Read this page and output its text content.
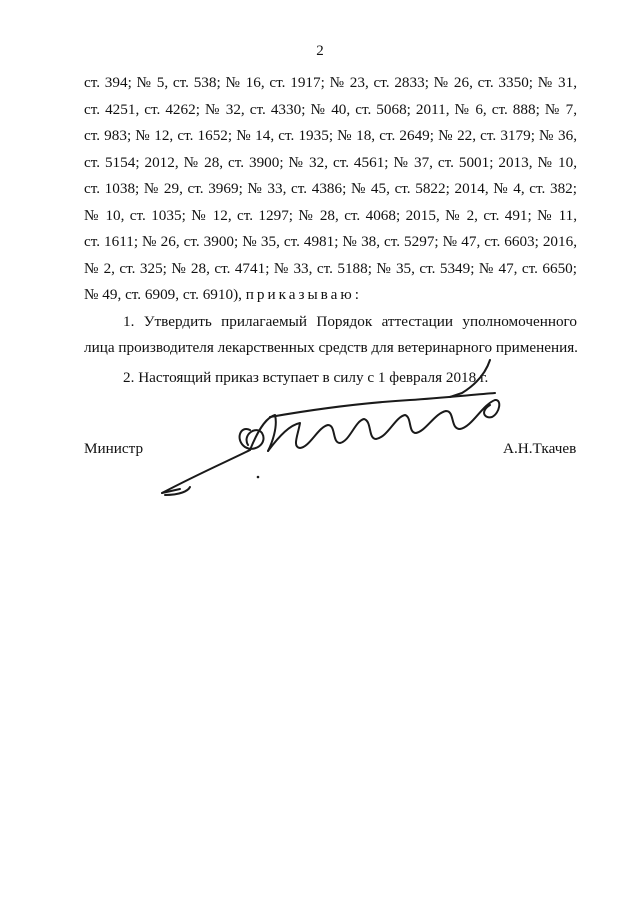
2
ст. 394; № 5, ст. 538; № 16, ст. 1917; № 23, ст. 2833; № 26, ст. 3350; № 31,
ст. 4251, ст. 4262; № 32, ст. 4330; № 40, ст. 5068; 2011, № 6, ст. 888; № 7,
ст. 983; № 12, ст. 1652; № 14, ст. 1935; № 18, ст. 2649; № 22, ст. 3179; № 36,
ст. 5154; 2012, № 28, ст. 3900; № 32, ст. 4561; № 37, ст. 5001; 2013, № 10,
ст. 1038; № 29, ст. 3969; № 33, ст. 4386; № 45, ст. 5822; 2014, № 4, ст. 382;
№ 10, ст. 1035; № 12, ст. 1297; № 28, ст. 4068; 2015, № 2, ст. 491; № 11,
ст. 1611; № 26, ст. 3900; № 35, ст. 4981; № 38, ст. 5297; № 47, ст. 6603; 2016,
№ 2, ст. 325; № 28, ст. 4741; № 33, ст. 5188; № 35, ст. 5349; № 47, ст. 6650;
№ 49, ст. 6909, ст. 6910), приказываю:
1. Утвердить прилагаемый Порядок аттестации уполномоченного
лица производителя лекарственных средств для ветеринарного применения.
2. Настоящий приказ вступает в силу с 1 февраля 2018 г.
Министр	А.Н.Ткачев
